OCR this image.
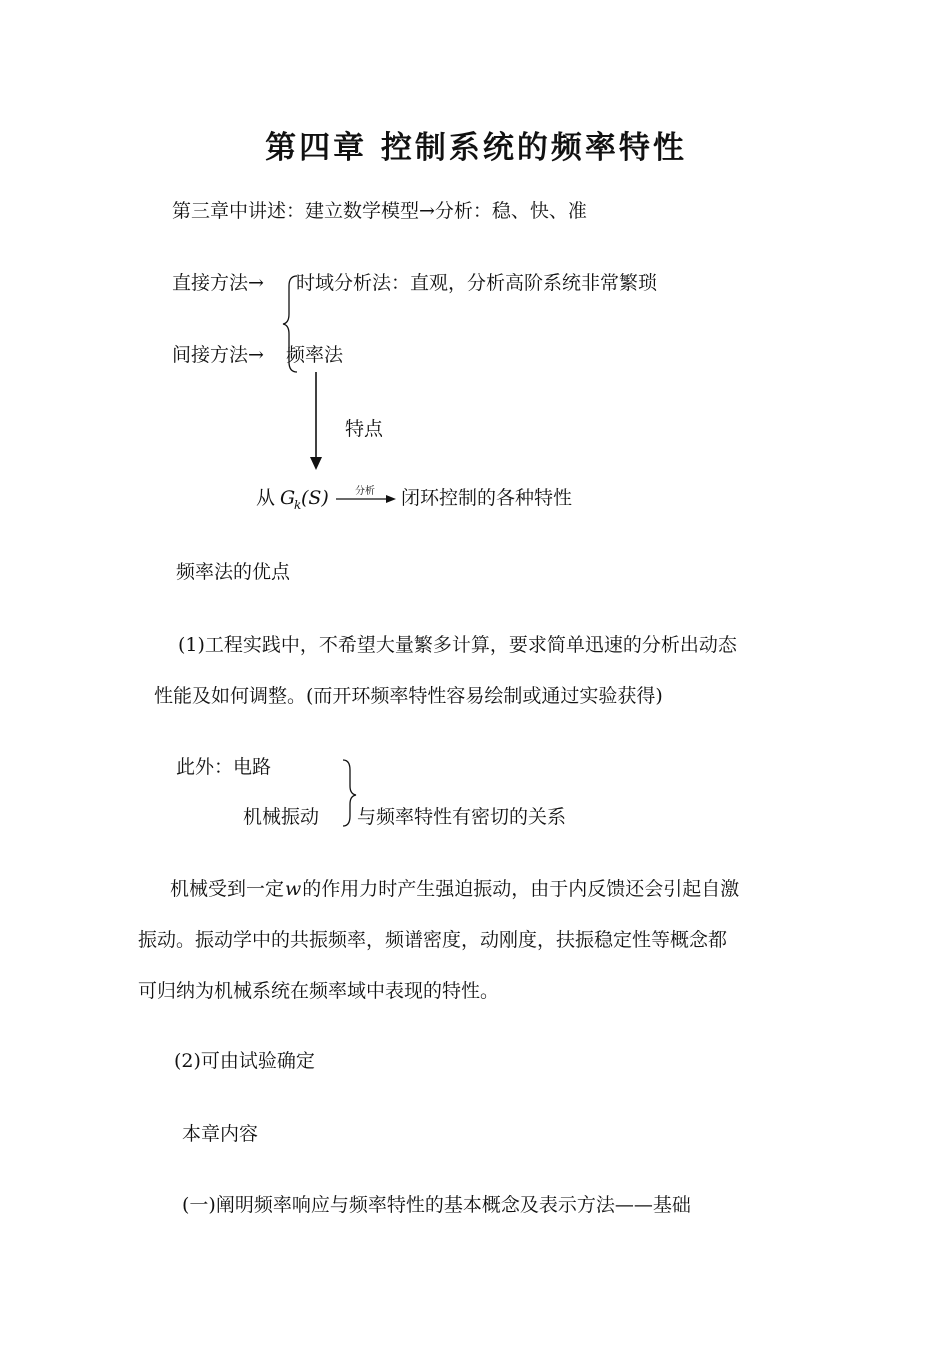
第四章 控制系统的频率特性
第三章中讲述：建立数学模型→分析：稳、快、准
直接方法→ 时域分析法：直观，分析高阶系统非常繁琐
间接方法→ 频率法
特点
从 G
k (S)	分析 闭环控制的各种特性
频率法的优点
(1)工程实践中，不希望大量繁多计算，要求简单迅速的分析出动态
性能及如何调整。(而开环频率特性容易绘制或通过实验获得)
此外：电路
机械振动 与频率特性有密切的关系
机械受到一定w的作用力时产生强迫振动，由于内反馈还会引起自激
振动。振动学中的共振频率，频谱密度，动刚度，扶振稳定性等概念都
可归纳为机械系统在频率域中表现的特性。
(2)可由试验确定
本章内容
(一)阐明频率响应与频率特性的基本概念及表示方法——基础
